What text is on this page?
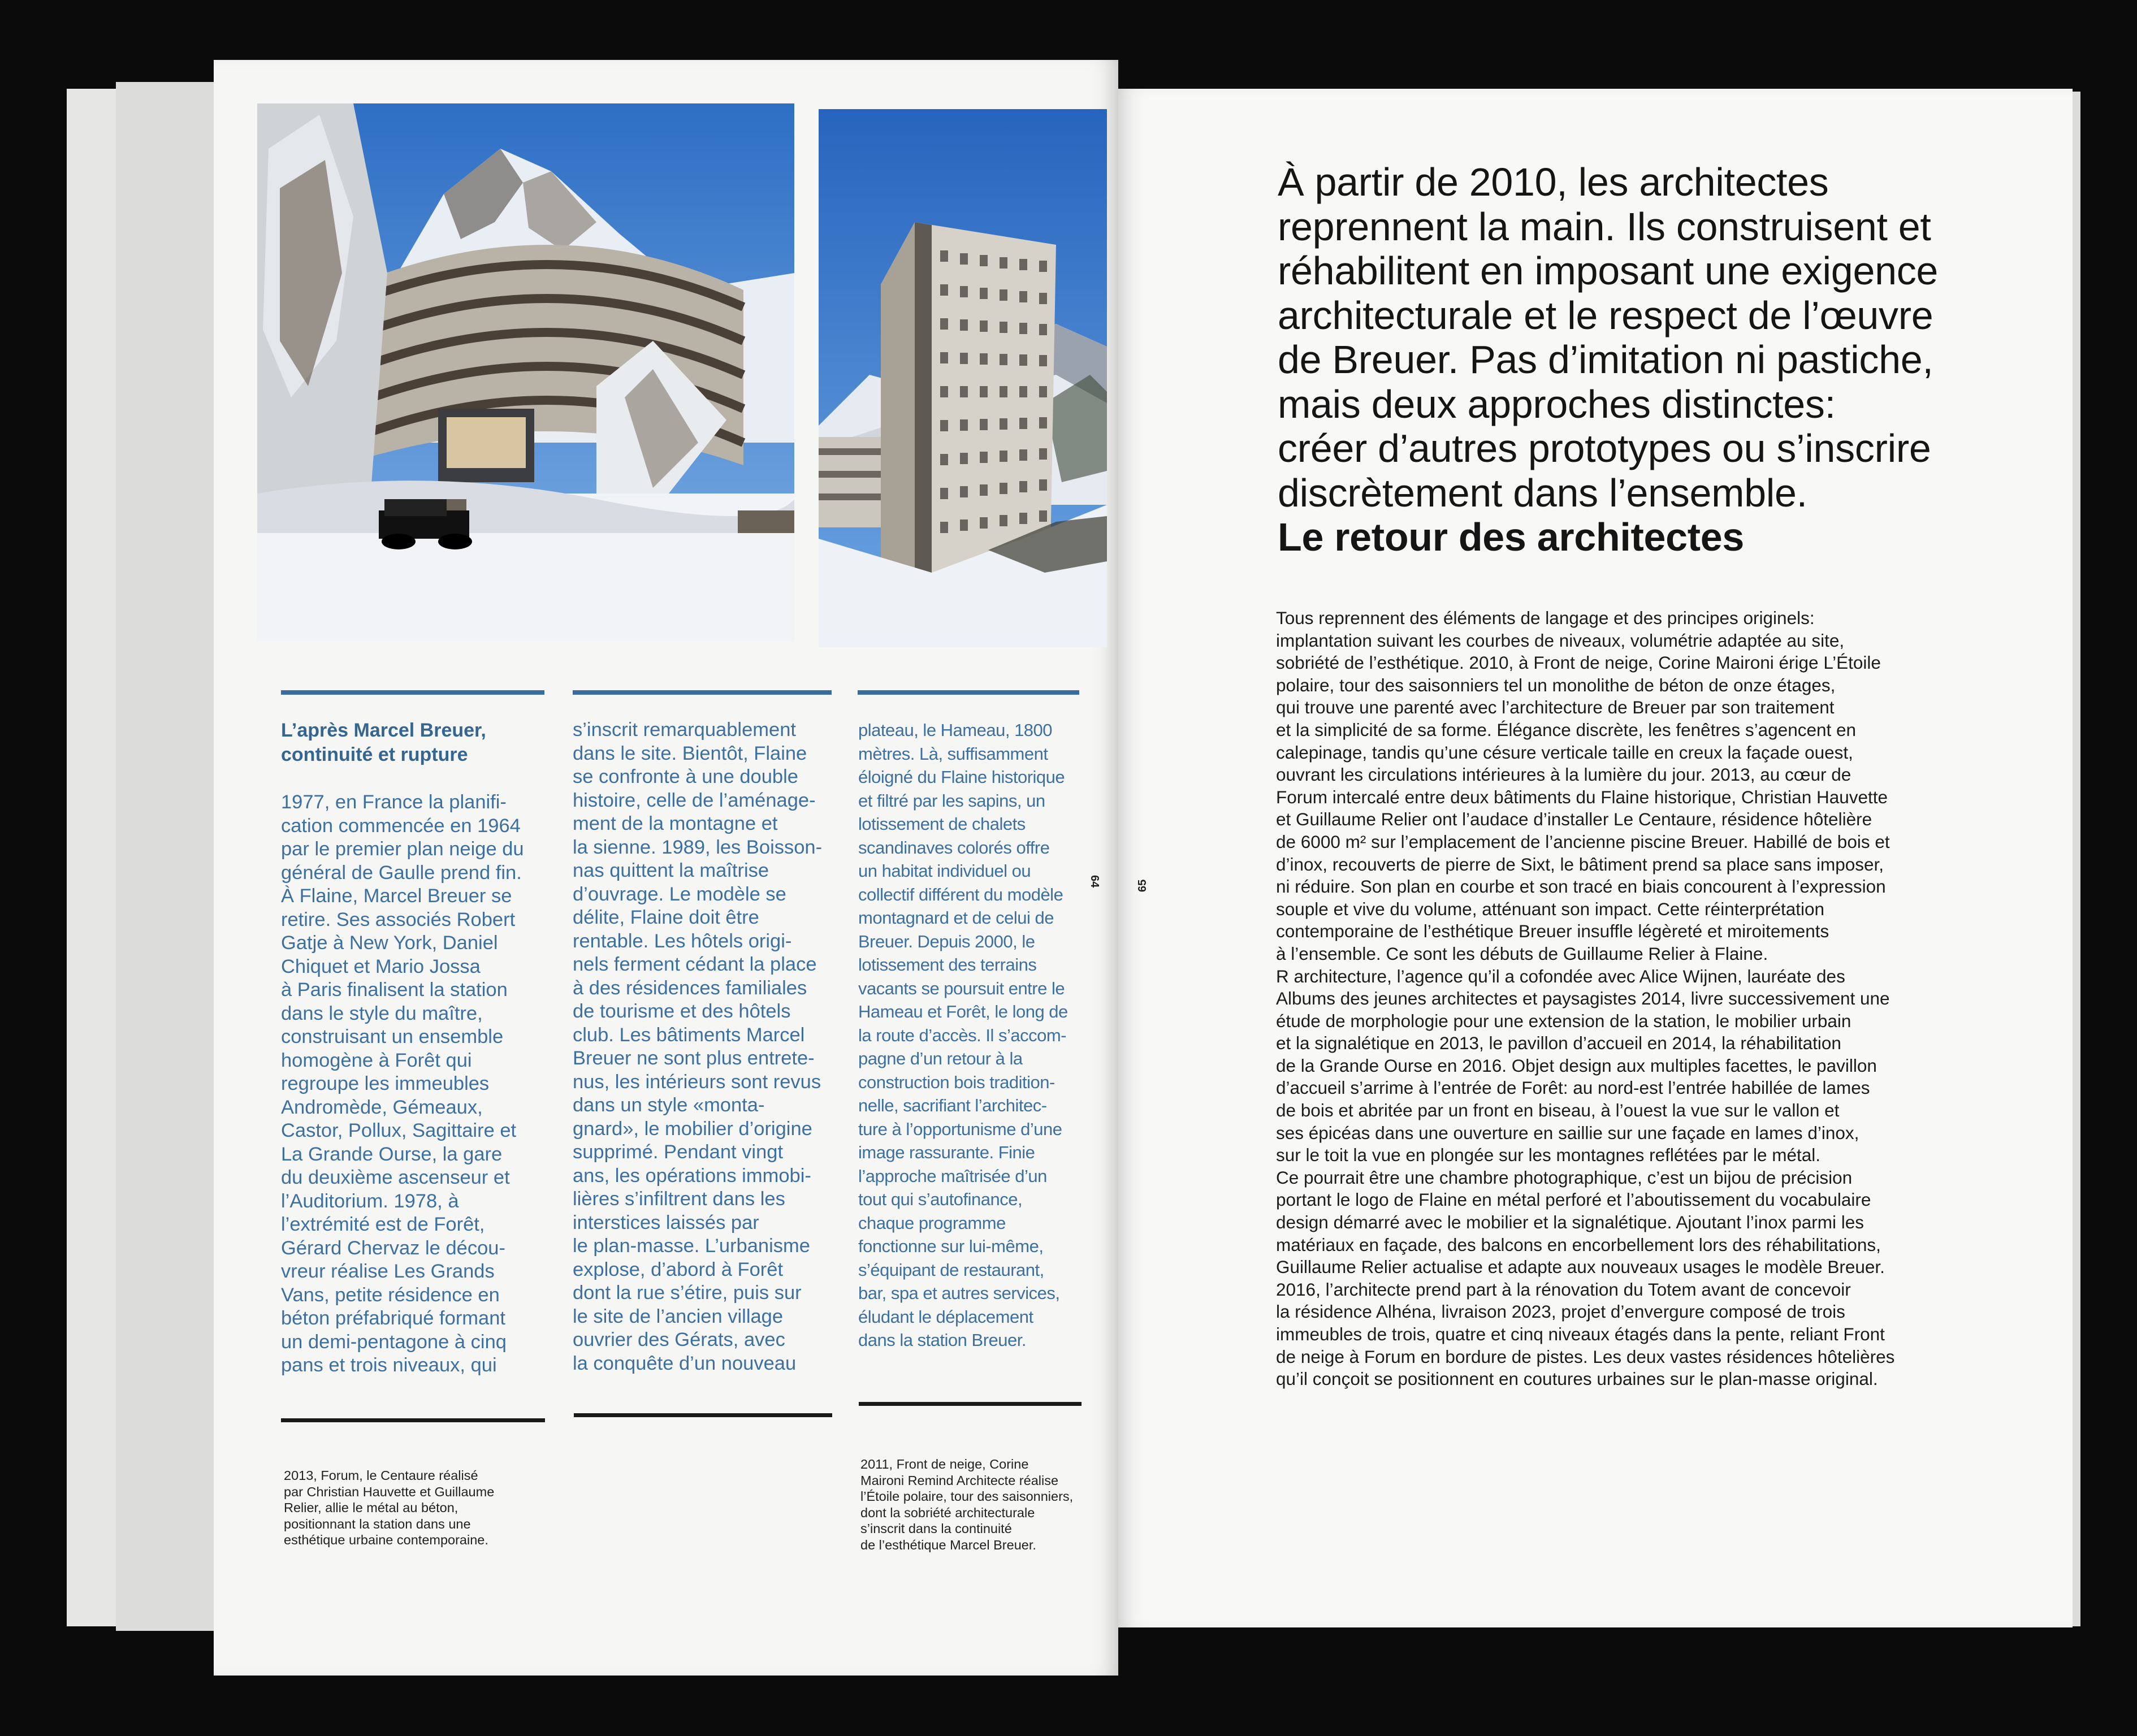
L’après Marcel Breuer, continuité et rupture
1977, en France la planifi-
cation commencée en 1964
par le premier plan neige du
général de Gaulle prend fin.
À Flaine, Marcel Breuer se
retire. Ses associés Robert
Gatje à New York, Daniel
Chiquet et Mario Jossa
à Paris finalisent la station
dans le style du maître,
construisant un ensemble
homogène à Forêt qui
regroupe les immeubles
Andromède, Gémeaux,
Castor, Pollux, Sagittaire et
La Grande Ourse, la gare
du deuxième ascenseur et
l’Auditorium. 1978, à
l’extrémité est de Forêt,
Gérard Chervaz le décou-
vreur réalise Les Grands
Vans, petite résidence en
béton préfabriqué formant
un demi-pentagone à cinq
pans et trois niveaux, qui
s’inscrit remarquablement
dans le site. Bientôt, Flaine
se confronte à une double
histoire, celle de l’aménage-
ment de la montagne et
la sienne. 1989, les Boisson-
nas quittent la maîtrise
d’ouvrage. Le modèle se
délite, Flaine doit être
rentable. Les hôtels origi-
nels ferment cédant la place
à des résidences familiales
de tourisme et des hôtels
club. Les bâtiments Marcel
Breuer ne sont plus entrete-
nus, les intérieurs sont revus
dans un style «monta-
gnard», le mobilier d’origine
supprimé. Pendant vingt
ans, les opérations immobi-
lières s’infiltrent dans les
interstices laissés par
le plan-masse. L’urbanisme
explose, d’abord à Forêt
dont la rue s’étire, puis sur
le site de l’ancien village
ouvrier des Gérats, avec
la conquête d’un nouveau
plateau, le Hameau, 1800
mètres. Là, suffisamment
éloigné du Flaine historique
et filtré par les sapins, un
lotissement de chalets
scandinaves colorés offre
un habitat individuel ou
collectif différent du modèle
montagnard et de celui de
Breuer. Depuis 2000, le
lotissement des terrains
vacants se poursuit entre le
Hameau et Forêt, le long de
la route d’accès. Il s’accom-
pagne d’un retour à la
construction bois tradition-
nelle, sacrifiant l’architec-
ture à l’opportunisme d’une
image rassurante. Finie
l’approche maîtrisée d’un
tout qui s’autofinance,
chaque programme
fonctionne sur lui-même,
s’équipant de restaurant,
bar, spa et autres services,
éludant le déplacement
dans la station Breuer.
2013, Forum, le Centaure réalisé
par Christian Hauvette et Guillaume
Relier, allie le métal au béton,
positionnant la station dans une
esthétique urbaine contemporaine.
2011, Front de neige, Corine
Maironi Remind Architecte réalise
l’Étoile polaire, tour des saisonniers,
dont la sobriété architecturale
s’inscrit dans la continuité
de l’esthétique Marcel Breuer.
64	65
À partir de 2010, les architectes
reprennent la main. Ils construisent et
réhabilitent en imposant une exigence
architecturale et le respect de l’œuvre
de Breuer. Pas d’imitation ni pastiche,
mais deux approches distinctes:
créer d’autres prototypes ou s’inscrire
discrètement dans l’ensemble.
Le retour des architectes
Tous reprennent des éléments de langage et des principes originels:
implantation suivant les courbes de niveaux, volumétrie adaptée au site,
sobriété de l’esthétique. 2010, à Front de neige, Corine Maironi érige L’Étoile
polaire, tour des saisonniers tel un monolithe de béton de onze étages,
qui trouve une parenté avec l’architecture de Breuer par son traitement
et la simplicité de sa forme. Élégance discrète, les fenêtres s’agencent en
calepinage, tandis qu’une césure verticale taille en creux la façade ouest,
ouvrant les circulations intérieures à la lumière du jour. 2013, au cœur de
Forum intercalé entre deux bâtiments du Flaine historique, Christian Hauvette
et Guillaume Relier ont l’audace d’installer Le Centaure, résidence hôtelière
de 6000 m² sur l’emplacement de l’ancienne piscine Breuer. Habillé de bois et
d’inox, recouverts de pierre de Sixt, le bâtiment prend sa place sans imposer,
ni réduire. Son plan en courbe et son tracé en biais concourent à l’expression
souple et vive du volume, atténuant son impact. Cette réinterprétation
contemporaine de l’esthétique Breuer insuffle légèreté et miroitements
à l’ensemble. Ce sont les débuts de Guillaume Relier à Flaine.
R architecture, l’agence qu’il a cofondée avec Alice Wijnen, lauréate des
Albums des jeunes architectes et paysagistes 2014, livre successivement une
étude de morphologie pour une extension de la station, le mobilier urbain
et la signalétique en 2013, le pavillon d’accueil en 2014, la réhabilitation
de la Grande Ourse en 2016. Objet design aux multiples facettes, le pavillon
d’accueil s’arrime à l’entrée de Forêt: au nord-est l’entrée habillée de lames
de bois et abritée par un front en biseau, à l’ouest la vue sur le vallon et
ses épicéas dans une ouverture en saillie sur une façade en lames d’inox,
sur le toit la vue en plongée sur les montagnes reflétées par le métal.
Ce pourrait être une chambre photographique, c’est un bijou de précision
portant le logo de Flaine en métal perforé et l’aboutissement du vocabulaire
design démarré avec le mobilier et la signalétique. Ajoutant l’inox parmi les
matériaux en façade, des balcons en encorbellement lors des réhabilitations,
Guillaume Relier actualise et adapte aux nouveaux usages le modèle Breuer.
2016, l’architecte prend part à la rénovation du Totem avant de concevoir
la résidence Alhéna, livraison 2023, projet d’envergure composé de trois
immeubles de trois, quatre et cinq niveaux étagés dans la pente, reliant Front
de neige à Forum en bordure de pistes. Les deux vastes résidences hôtelières
qu’il conçoit se positionnent en coutures urbaines sur le plan-masse original.
